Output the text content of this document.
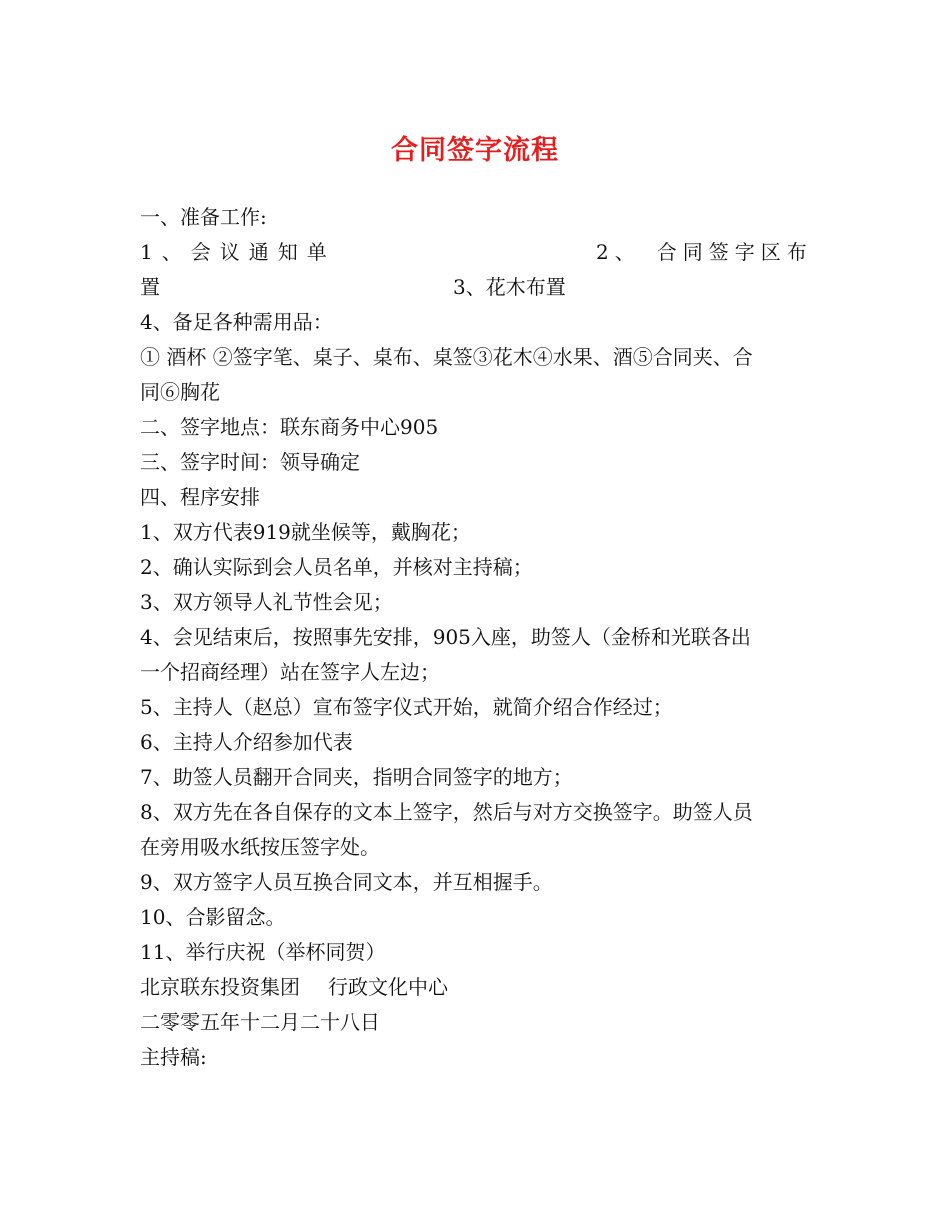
合同签字流程
一、准备工作:
1、会议通知单	2、　合同签字区布
置	3、花木布置
4、备足各种需用品：
① 酒杯 ②签字笔、桌子、桌布、桌签③花木④水果、酒⑤合同夹、合
同⑥胸花
二、签字地点：联东商务中心905
三、签字时间：领导确定
四、程序安排
1、双方代表919就坐候等，戴胸花；
2、确认实际到会人员名单，并核对主持稿；
3、双方领导人礼节性会见；
4、会见结束后，按照事先安排，905入座，助签人（金桥和光联各出
一个招商经理）站在签字人左边；
5、主持人（赵总）宣布签字仪式开始，就简介绍合作经过；
6、主持人介绍参加代表
7、助签人员翻开合同夹，指明合同签字的地方；
8、双方先在各自保存的文本上签字，然后与对方交换签字。助签人员
在旁用吸水纸按压签字处。
9、双方签字人员互换合同文本，并互相握手。
10、合影留念。
11、举行庆祝（举杯同贺）
北京联东投资集团 行政文化中心
二零零五年十二月二十八日
主持稿:
